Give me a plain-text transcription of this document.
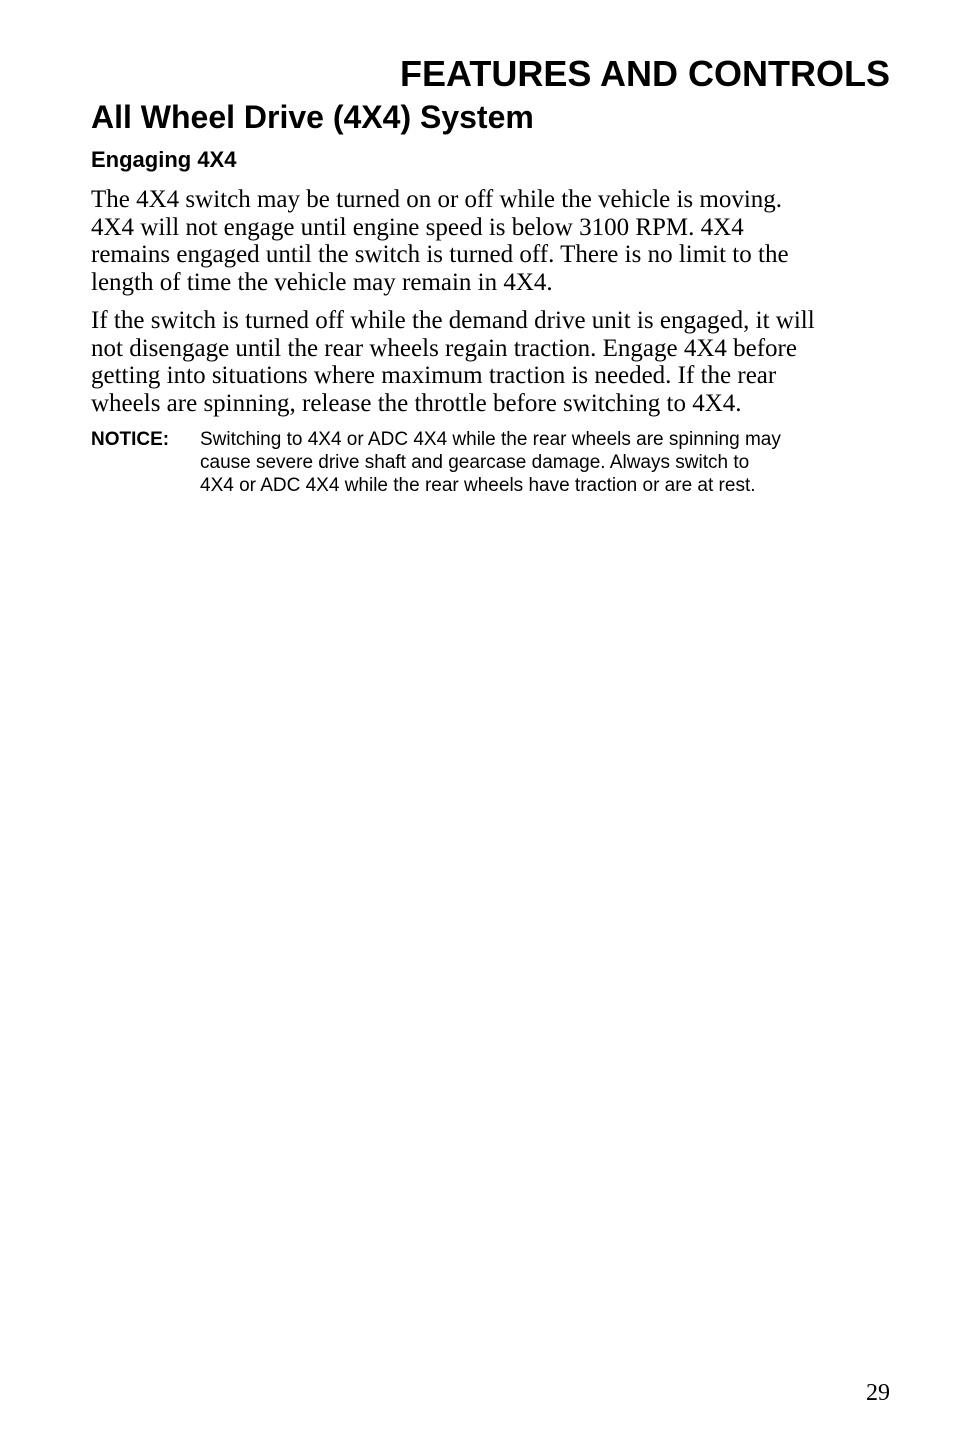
FEATURES AND CONTROLS
All Wheel Drive (4X4) System
Engaging 4X4

The 4X4 switch may be turned on or off while the vehicle is moving.
4X4 will not engage until engine speed is below 3100 RPM. 4X4
remains engaged until the switch is turned off. There is no limit to the
length of time the vehicle may remain in 4X4.

If the switch is turned off while the demand drive unit is engaged, it will
not disengage until the rear wheels regain traction. Engage 4X4 before
getting into situations where maximum traction is needed. If the rear
wheels are spinning, release the throttle before switching to 4X4.

NOTICE: Switching to 4X4 or ADC 4X4 while the rear wheels are spinning may
cause severe drive shaft and gearcase damage. Always switch to
4X4 or ADC 4X4 while the rear wheels have traction or are at rest.

29
